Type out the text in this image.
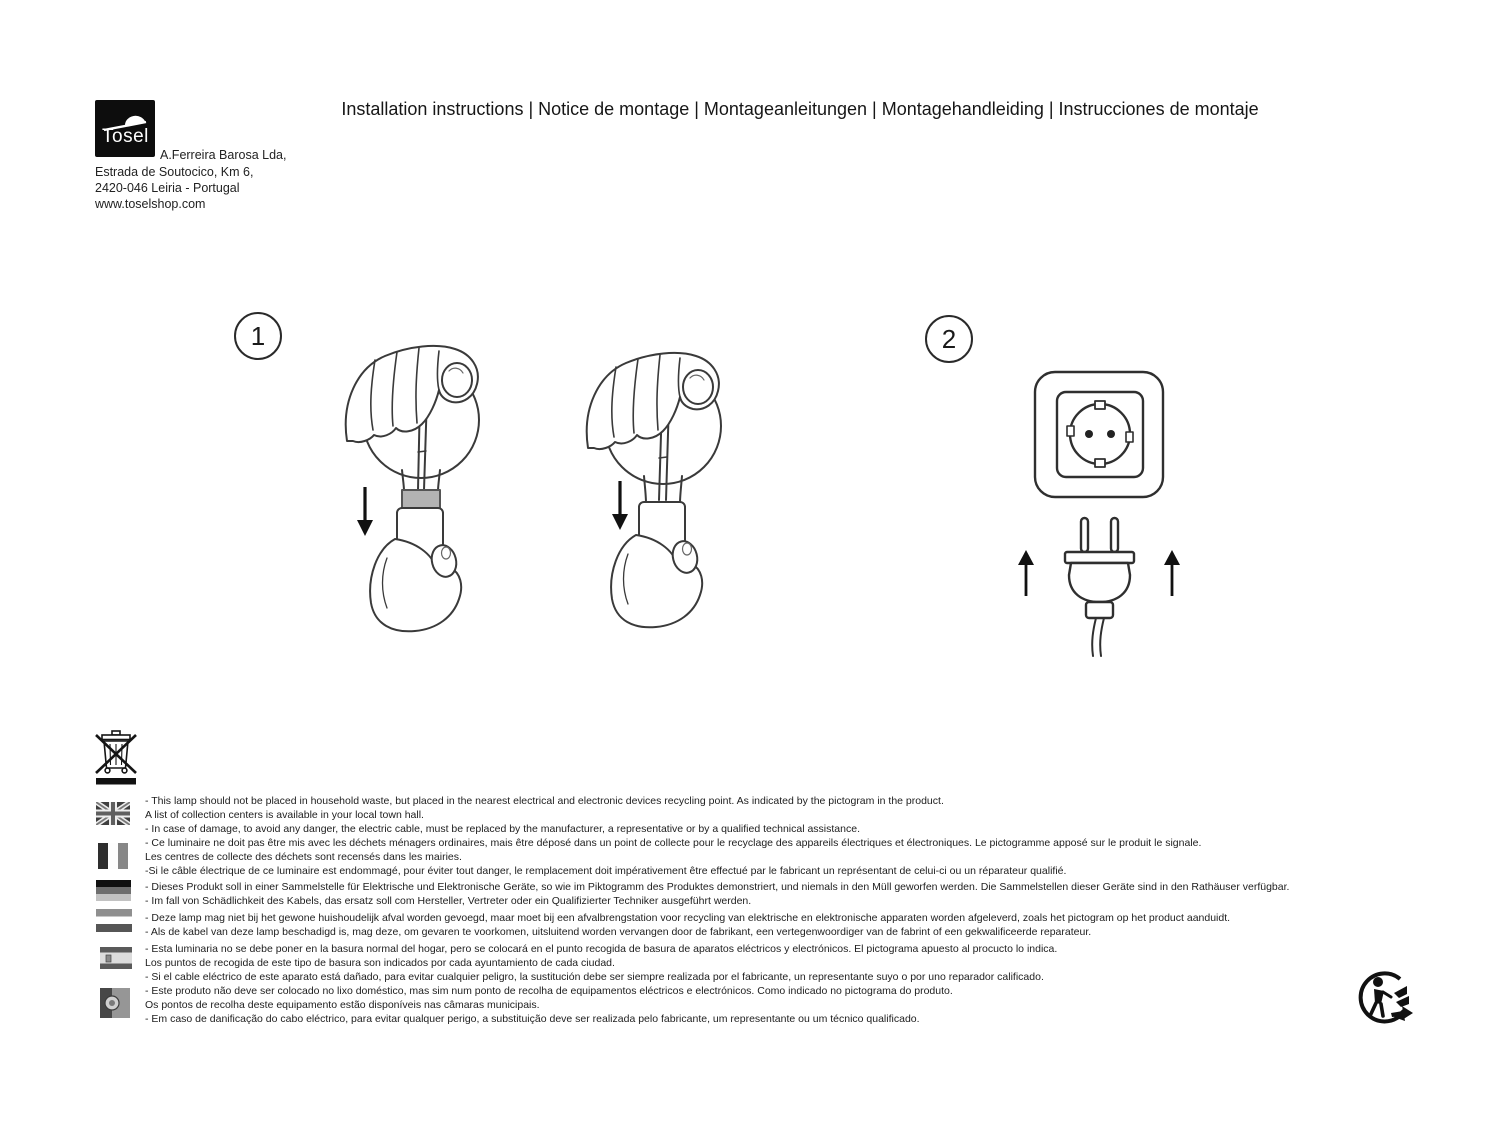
Tosel
Installation instructions | Notice de montage | Montageanleitungen | Montagehandleiding | Instrucciones de montaje
A.Ferreira Barosa Lda,
Estrada de Soutocico, Km 6,
2420-046 Leiria - Portugal
www.toselshop.com
1	2
- This lamp should not be placed in household waste, but placed in the nearest electrical and electronic devices recycling point. As indicated by the pictogram in the product.
A list of collection centers is available in your local town hall.
- In case of damage, to avoid any danger, the electric cable, must be replaced by the manufacturer, a representative or by a qualified technical assistance.
- Ce luminaire ne doit pas être mis avec les déchets ménagers ordinaires, mais être déposé dans un point de collecte pour le recyclage des appareils électriques et électroniques. Le pictogramme apposé sur le produit le signale.
Les centres de collecte des déchets sont recensés dans les mairies.
-Si le câble électrique de ce luminaire est endommagé, pour éviter tout danger, le remplacement doit impérativement être effectué par le fabricant un représentant de celui-ci ou un réparateur qualifié.
- Dieses Produkt soll in einer Sammelstelle für Elektrische und Elektronische Geräte, so wie im Piktogramm des Produktes demonstriert, und niemals in den Müll geworfen werden. Die Sammelstellen dieser Geräte sind in den Rathäuser verfügbar.
- Im fall von Schädlichkeit des Kabels, das ersatz soll com Hersteller, Vertreter oder ein Qualifizierter Techniker ausgeführt werden.
- Deze lamp mag niet bij het gewone huishoudelijk afval worden gevoegd, maar moet bij een afvalbrengstation voor recycling van elektrische en elektronische apparaten worden afgeleverd, zoals het pictogram op het product aanduidt.
- Als de kabel van deze lamp beschadigd is, mag deze, om gevaren te voorkomen, uitsluitend worden vervangen door de fabrikant, een vertegenwoordiger van de fabrint of een gekwalificeerde reparateur.
- Esta luminaria no se debe poner en la basura normal del hogar, pero se colocará en el punto recogida de basura de aparatos eléctricos y electrónicos. El pictograma apuesto al procucto lo indica.
Los puntos de recogida de este tipo de basura son indicados por cada ayuntamiento de cada ciudad.
- Si el cable eléctrico de este aparato está dañado, para evitar cualquier peligro, la sustitución debe ser siempre realizada por el fabricante, un representante suyo o por uno reparador calificado.
- Este produto não deve ser colocado no lixo doméstico, mas sim num ponto de recolha de equipamentos eléctricos e electrónicos. Como indicado no pictograma do produto.
Os pontos de recolha deste equipamento estão disponíveis nas câmaras municipais.
- Em caso de danificação do cabo eléctrico, para evitar qualquer perigo, a substituição deve ser realizada pelo fabricante, um representante ou um técnico qualificado.
